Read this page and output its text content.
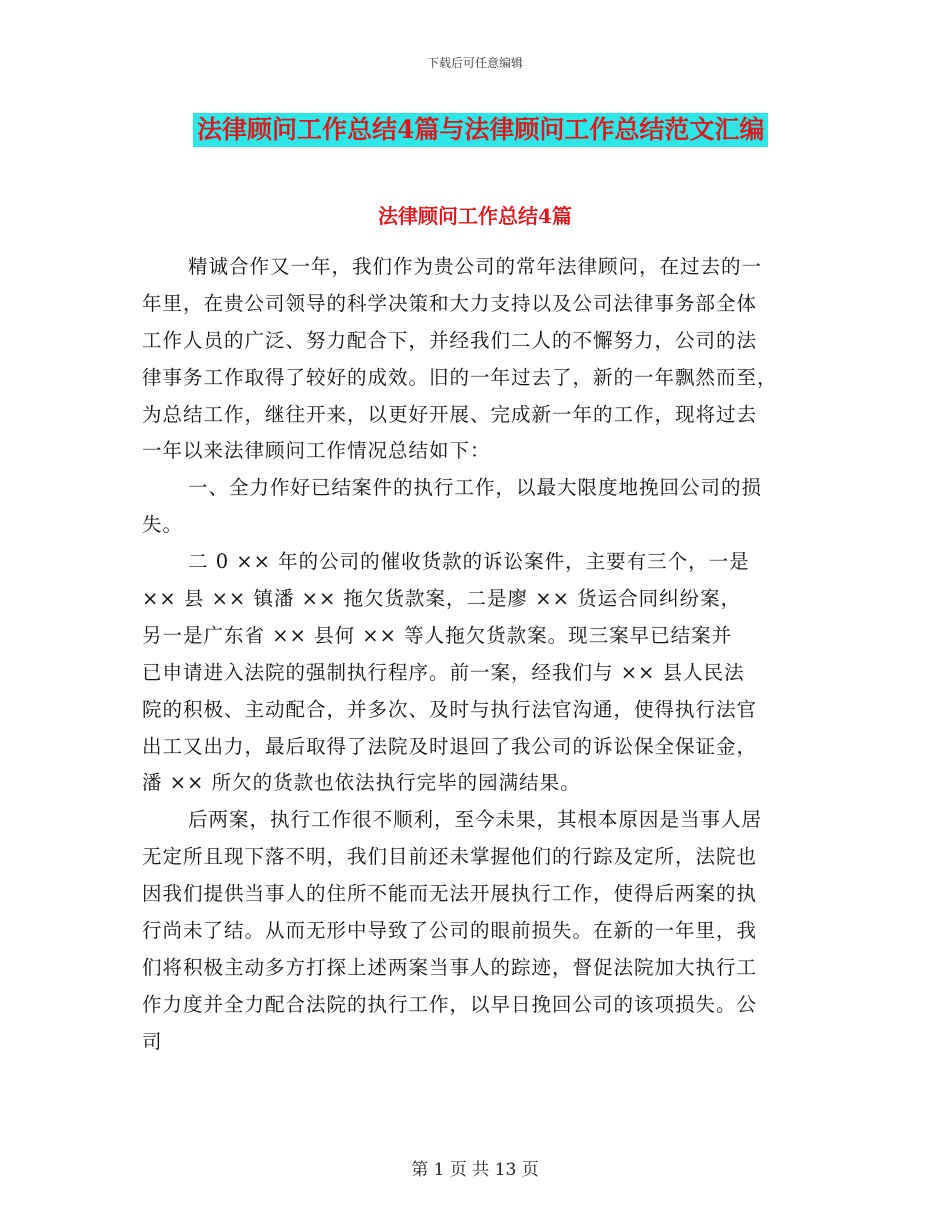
下载后可任意编辑
法律顾问工作总结4篇与法律顾问工作总结范文汇编
法律顾问工作总结4篇
精诚合作又一年，我们作为贵公司的常年法律顾问，在过去的一
年里，在贵公司领导的科学决策和大力支持以及公司法律事务部全体
工作人员的广泛、努力配合下，并经我们二人的不懈努力，公司的法
律事务工作取得了较好的成效。旧的一年过去了，新的一年飘然而至，
为总结工作，继往开来，以更好开展、完成新一年的工作，现将过去
一年以来法律顾问工作情况总结如下：
一、全力作好已结案件的执行工作，以最大限度地挽回公司的损
失。
二 0 ×× 年的公司的催收货款的诉讼案件，主要有三个，一是
×× 县 ×× 镇潘 ×× 拖欠货款案，二是廖 ×× 货运合同纠纷案，
另一是广东省 ×× 县何 ×× 等人拖欠货款案。现三案早已结案并
已申请进入法院的强制执行程序。前一案，经我们与 ×× 县人民法
院的积极、主动配合，并多次、及时与执行法官沟通，使得执行法官
出工又出力，最后取得了法院及时退回了我公司的诉讼保全保证金，
潘 ×× 所欠的货款也依法执行完毕的园满结果。
后两案，执行工作很不顺利，至今未果，其根本原因是当事人居
无定所且现下落不明，我们目前还未掌握他们的行踪及定所，法院也
因我们提供当事人的住所不能而无法开展执行工作，使得后两案的执
行尚未了结。从而无形中导致了公司的眼前损失。在新的一年里，我
们将积极主动多方打探上述两案当事人的踪迹，督促法院加大执行工
作力度并全力配合法院的执行工作，以早日挽回公司的该项损失。公
司
第 1 页 共 13 页
